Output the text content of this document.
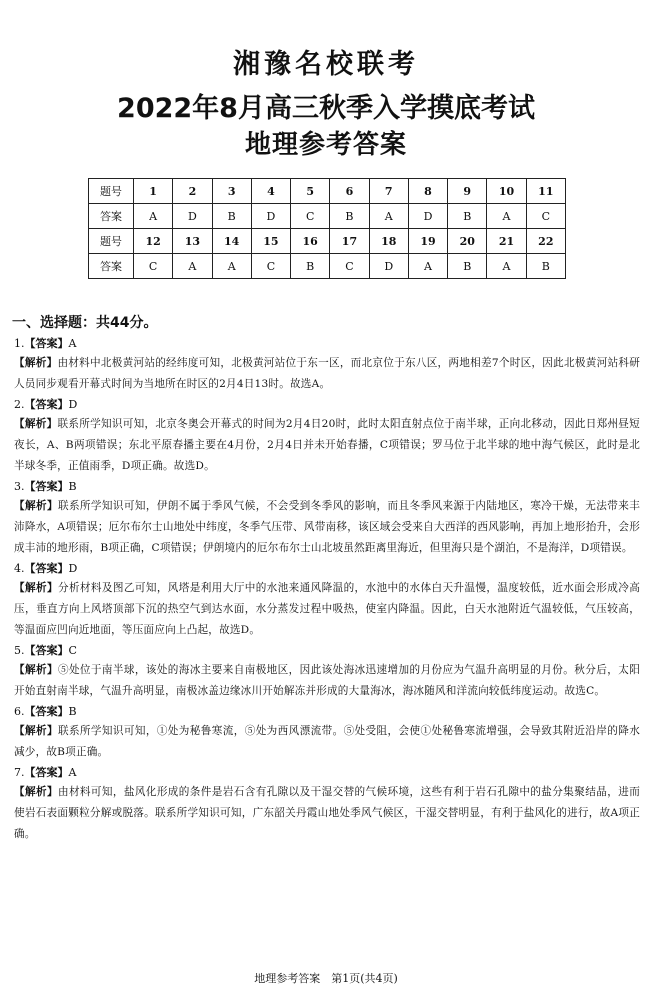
湘豫名校联考
2022年8月高三秋季入学摸底考试
地理参考答案
题号	1	2	3	4	5	6	7	8	9	10	11
答案	A	D	B	D	C	B	A	D	B	A	C
题号	12	13	14	15	16	17	18	19	20	21	22
答案	C	A	A	C	B	C	D	A	B	A	B
一、选择题：共44分。
1.【答案】A
【解析】由材料中北极黄河站的经纬度可知，北极黄河站位于东一区，而北京位于东八区，两地相差7个时区，因此北极黄河站科研人员同步观看开幕式时间为当地所在时区的2月4日13时。故选A。
2.【答案】D
【解析】联系所学知识可知，北京冬奥会开幕式的时间为2月4日20时，此时太阳直射点位于南半球，正向北移动，因此日郑州昼短夜长，A、B两项错误；东北平原春播主要在4月份，2月4日并未开始春播，C项错误；罗马位于北半球的地中海气候区，此时是北半球冬季，正值雨季，D项正确。故选D。
3.【答案】B
【解析】联系所学知识可知，伊朗不属于季风气候，不会受到冬季风的影响，而且冬季风来源于内陆地区，寒冷干燥，无法带来丰沛降水，A项错误；厄尔布尔士山地处中纬度，冬季气压带、风带南移，该区域会受来自大西洋的西风影响，再加上地形抬升，会形成丰沛的地形雨，B项正确，C项错误；伊朗境内的厄尔布尔士山北坡虽然距离里海近，但里海只是个湖泊，不是海洋，D项错误。
4.【答案】D
【解析】分析材料及图乙可知，风塔是利用大厅中的水池来通风降温的，水池中的水体白天升温慢，温度较低，近水面会形成冷高压，垂直方向上风塔顶部下沉的热空气到达水面，水分蒸发过程中吸热，使室内降温。因此，白天水池附近气温较低，气压较高，等温面应凹向近地面，等压面应向上凸起，故选D。
5.【答案】C
【解析】⑤处位于南半球，该处的海冰主要来自南极地区，因此该处海冰迅速增加的月份应为气温升高明显的月份。秋分后，太阳开始直射南半球，气温升高明显，南极冰盖边缘冰川开始解冻并形成的大量海冰，海冰随风和洋流向较低纬度运动。故选C。
6.【答案】B
【解析】联系所学知识可知，①处为秘鲁寒流，⑤处为西风漂流带。⑤处受阻，会使①处秘鲁寒流增强，会导致其附近沿岸的降水减少，故B项正确。
7.【答案】A
【解析】由材料可知，盐风化形成的条件是岩石含有孔隙以及干湿交替的气候环境，这些有利于岩石孔隙中的盐分集聚结晶，进而使岩石表面颗粒分解或脱落。联系所学知识可知，广东韶关丹霞山地处季风气候区，干湿交替明显，有利于盐风化的进行，故A项正确。
地理参考答案　第1页(共4页)
